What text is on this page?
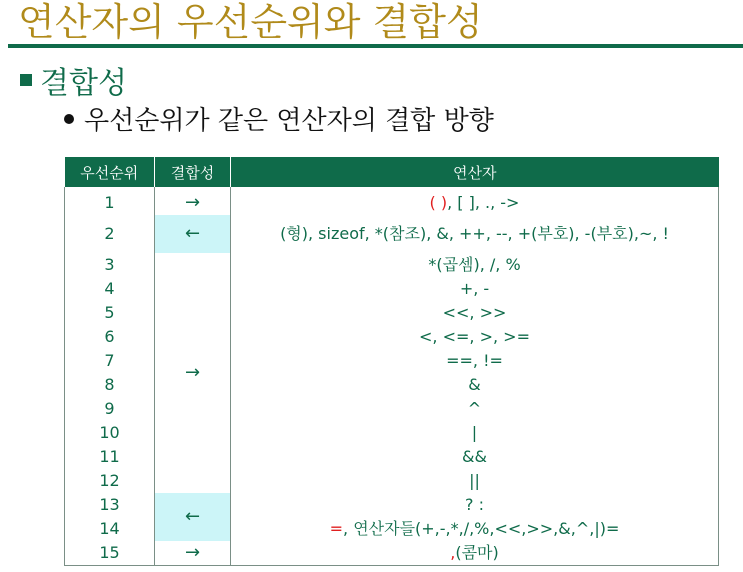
연산자의 우선순위와 결합성
결합성
우선순위가 같은 연산자의 결합 방향
우선순위	결합성	연산자
1	→	( ), [ ], ., ->
2	←	(형), sizeof, *(참조), &, ++, --, +(부호), -(부호),~, !
3	→	*(곱셈), /, %
4		+, -
5		<<, >>
6		<, <=, >, >=
7		==, !=
8		&
9		^
10		|
11		&&
12		||
13	←	? :
14		=, 연산자들(+,-,*,/,%,<<,>>,&,^,|)=
15	→	,(콤마)
